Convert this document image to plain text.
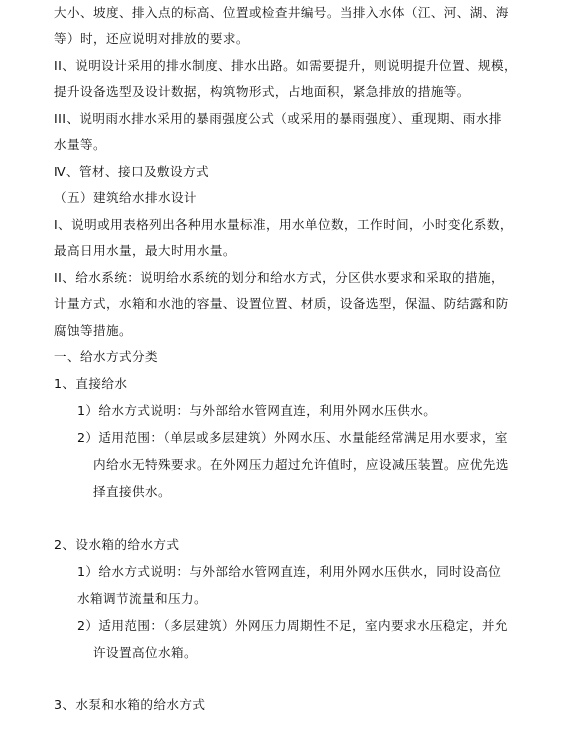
大小、坡度、排入点的标高、位置或检查井编号。当排入水体（江、河、湖、海
等）时，还应说明对排放的要求。
II、说明设计采用的排水制度、排水出路。如需要提升，则说明提升位置、规模，
提升设备选型及设计数据，构筑物形式，占地面积，紧急排放的措施等。
III、说明雨水排水采用的暴雨强度公式（或采用的暴雨强度）、重现期、雨水排
水量等。
Ⅳ、管材、接口及敷设方式
（五）建筑给水排水设计
I、说明或用表格列出各种用水量标准，用水单位数，工作时间，小时变化系数，
最高日用水量，最大时用水量。
II、给水系统：说明给水系统的划分和给水方式，分区供水要求和采取的措施，
计量方式，水箱和水池的容量、设置位置、材质，设备选型，保温、防结露和防
腐蚀等措施。
一、给水方式分类
1、直接给水
1）给水方式说明：与外部给水管网直连，利用外网水压供水。
2）适用范围：（单层或多层建筑）外网水压、水量能经常满足用水要求，室
内给水无特殊要求。在外网压力超过允许值时，应设减压装置。应优先选
择直接供水。
2、设水箱的给水方式
1）给水方式说明：与外部给水管网直连，利用外网水压供水，同时设高位
水箱调节流量和压力。
2）适用范围：（多层建筑）外网压力周期性不足，室内要求水压稳定，并允
许设置高位水箱。
3、水泵和水箱的给水方式
